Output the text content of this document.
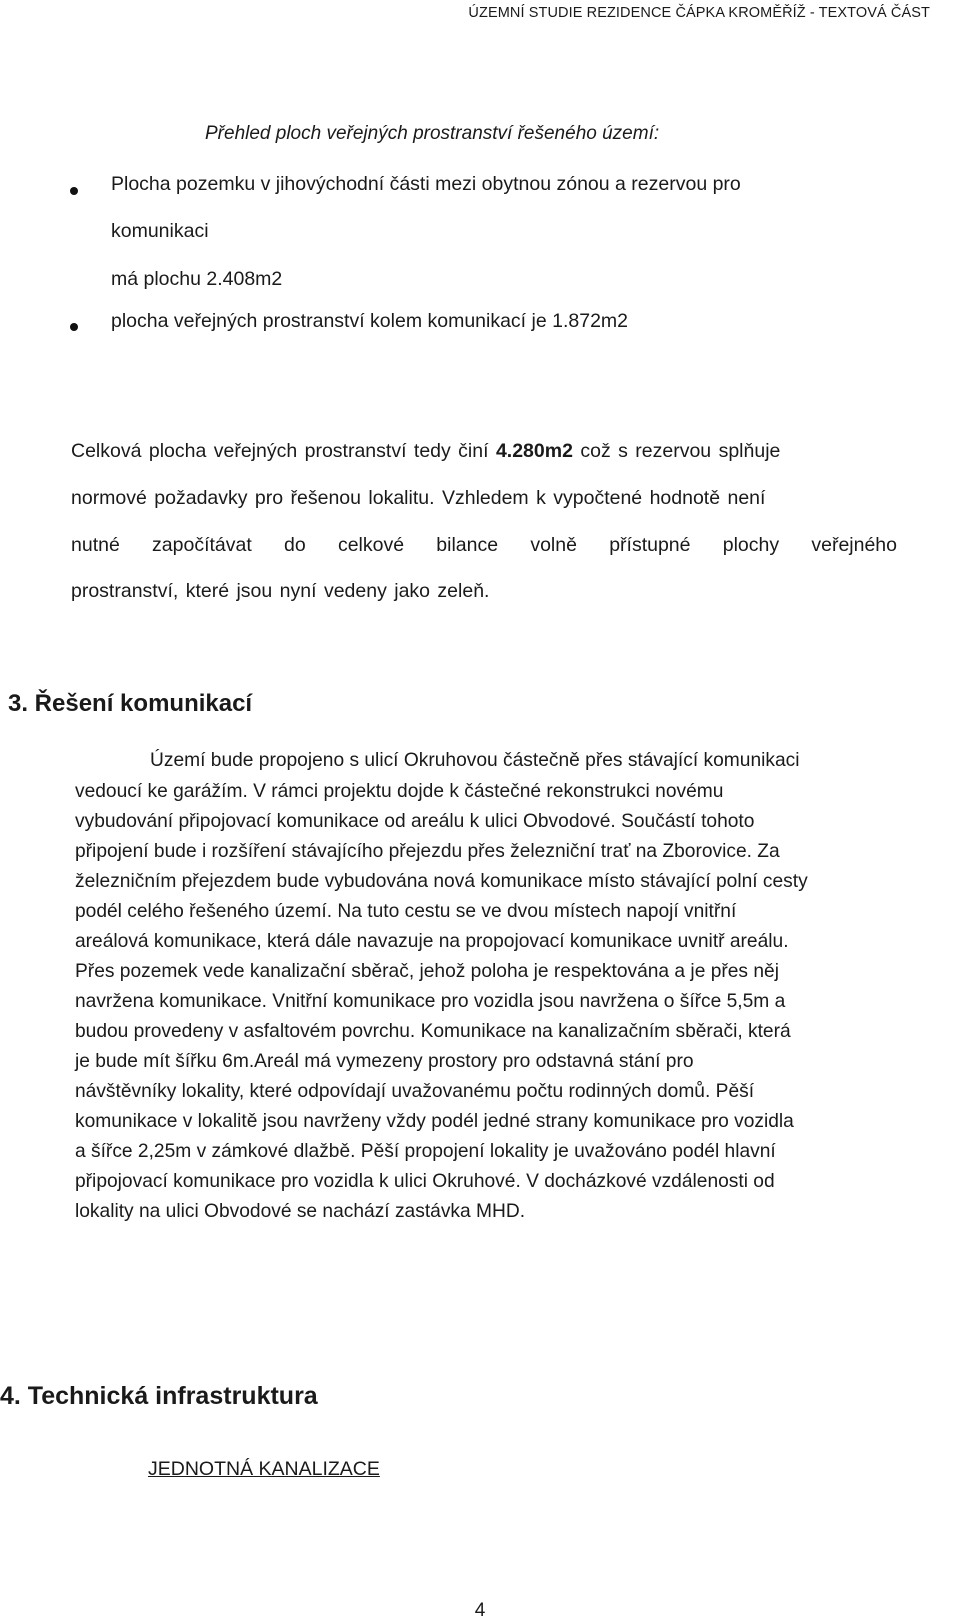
ÚZEMNÍ STUDIE REZIDENCE ČÁPKA KROMĚŘÍŽ - TEXTOVÁ ČÁST

Přehled ploch veřejných prostranství řešeného území:

Plocha pozemku v jihovýchodní části mezi obytnou zónou a rezervou pro

komunikaci

má plochu 2.408m2

plocha veřejných prostranství kolem komunikací je 1.872m2

Celková plocha veřejných prostranství tedy činí 4.280m2 což s rezervou splňuje

normové požadavky pro řešenou lokalitu. Vzhledem k vypočtené hodnotě není

nutné započítávat do celkové bilance volně přístupné plochy veřejného

prostranství, které jsou nyní vedeny jako zeleň.

3. Řešení komunikací

Území bude propojeno s ulicí Okruhovou částečně přes stávající komunikaci

vedoucí ke garážím. V rámci projektu dojde k částečné rekonstrukci novému

vybudování připojovací komunikace od areálu k ulici Obvodové. Součástí tohoto

připojení bude i rozšíření stávajícího přejezdu přes železniční trať na Zborovice. Za

železničním přejezdem bude vybudována nová komunikace místo stávající polní cesty

podél celého řešeného území. Na tuto cestu se ve dvou místech napojí vnitřní

areálová komunikace, která dále navazuje na propojovací komunikace uvnitř areálu.

Přes pozemek vede kanalizační sběrač, jehož poloha je respektována a je přes něj

navržena komunikace. Vnitřní komunikace pro vozidla jsou navržena o šířce 5,5m a

budou provedeny v asfaltovém povrchu. Komunikace na kanalizačním sběrači, která

je bude mít šířku 6m.Areál má vymezeny prostory pro odstavná stání pro

návštěvníky lokality, které odpovídají uvažovanému počtu rodinných domů. Pěší

komunikace v lokalitě jsou navrženy vždy podél jedné strany komunikace pro vozidla

a šířce 2,25m v zámkové dlažbě. Pěší propojení lokality je uvažováno podél hlavní

připojovací komunikace pro vozidla k ulici Okruhové. V docházkové vzdálenosti od

lokality na ulici Obvodové se nachází zastávka MHD.

4. Technická infrastruktura

JEDNOTNÁ KANALIZACE

4
